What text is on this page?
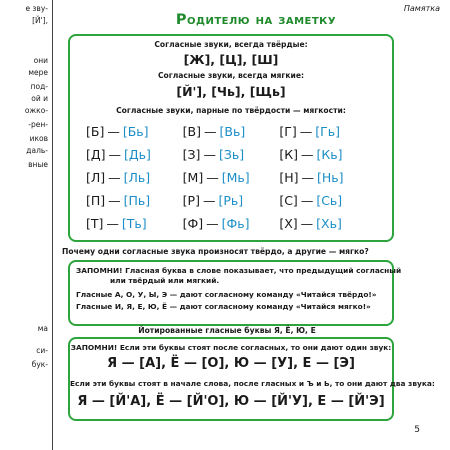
е зву-
[Й'],
они
мере
под-
ой и
ожко-
-рен-
иков
даль-
вные
ма
си-
бук-
Памятка
Родителю на заметку
Согласные звуки, всегда твёрдые:
[Ж], [Ц], [Ш]
Согласные звуки, всегда мягкие:
[Й'], [Чь], [Щь]
Согласные звуки, парные по твёрдости — мягкости:
[Б] — [Бь]	[В] — [Вь]	[Г] — [Гь]
[Д] — [Дь]	[З] — [Зь]	[К] — [Кь]
[Л] — [Ль]	[М] — [Мь]	[Н] — [Нь]
[П] — [Пь]	[Р] — [Рь]	[С] — [Сь]
[Т] — [Ть]	[Ф] — [Фь]	[Х] — [Хь]
Почему одни согласные звука произносят твёрдо, а другие — мягко?
ЗАПОМНИ! Гласная буква в слове показывает, что предыдущий согласный
или твёрдый или мягкий.
Гласные А, О, У, Ы, Э — дают согласному команду «Читайся твёрдо!»
Гласные И, Я, Е, Ю, Ё — дают согласному команду «Читайся мягко!»
Йотированные гласные буквы Я, Ё, Ю, Е
ЗАПОМНИ! Если эти буквы стоят после согласных, то они дают один звук:
Я — [А], Ё — [О], Ю — [У], Е — [Э]
Если эти буквы стоят в начале слова, после гласных и Ъ и Ь, то они дают два звука:
Я — [Й'А], Ё — [Й'О], Ю — [Й'У], Е — [Й'Э]
5
